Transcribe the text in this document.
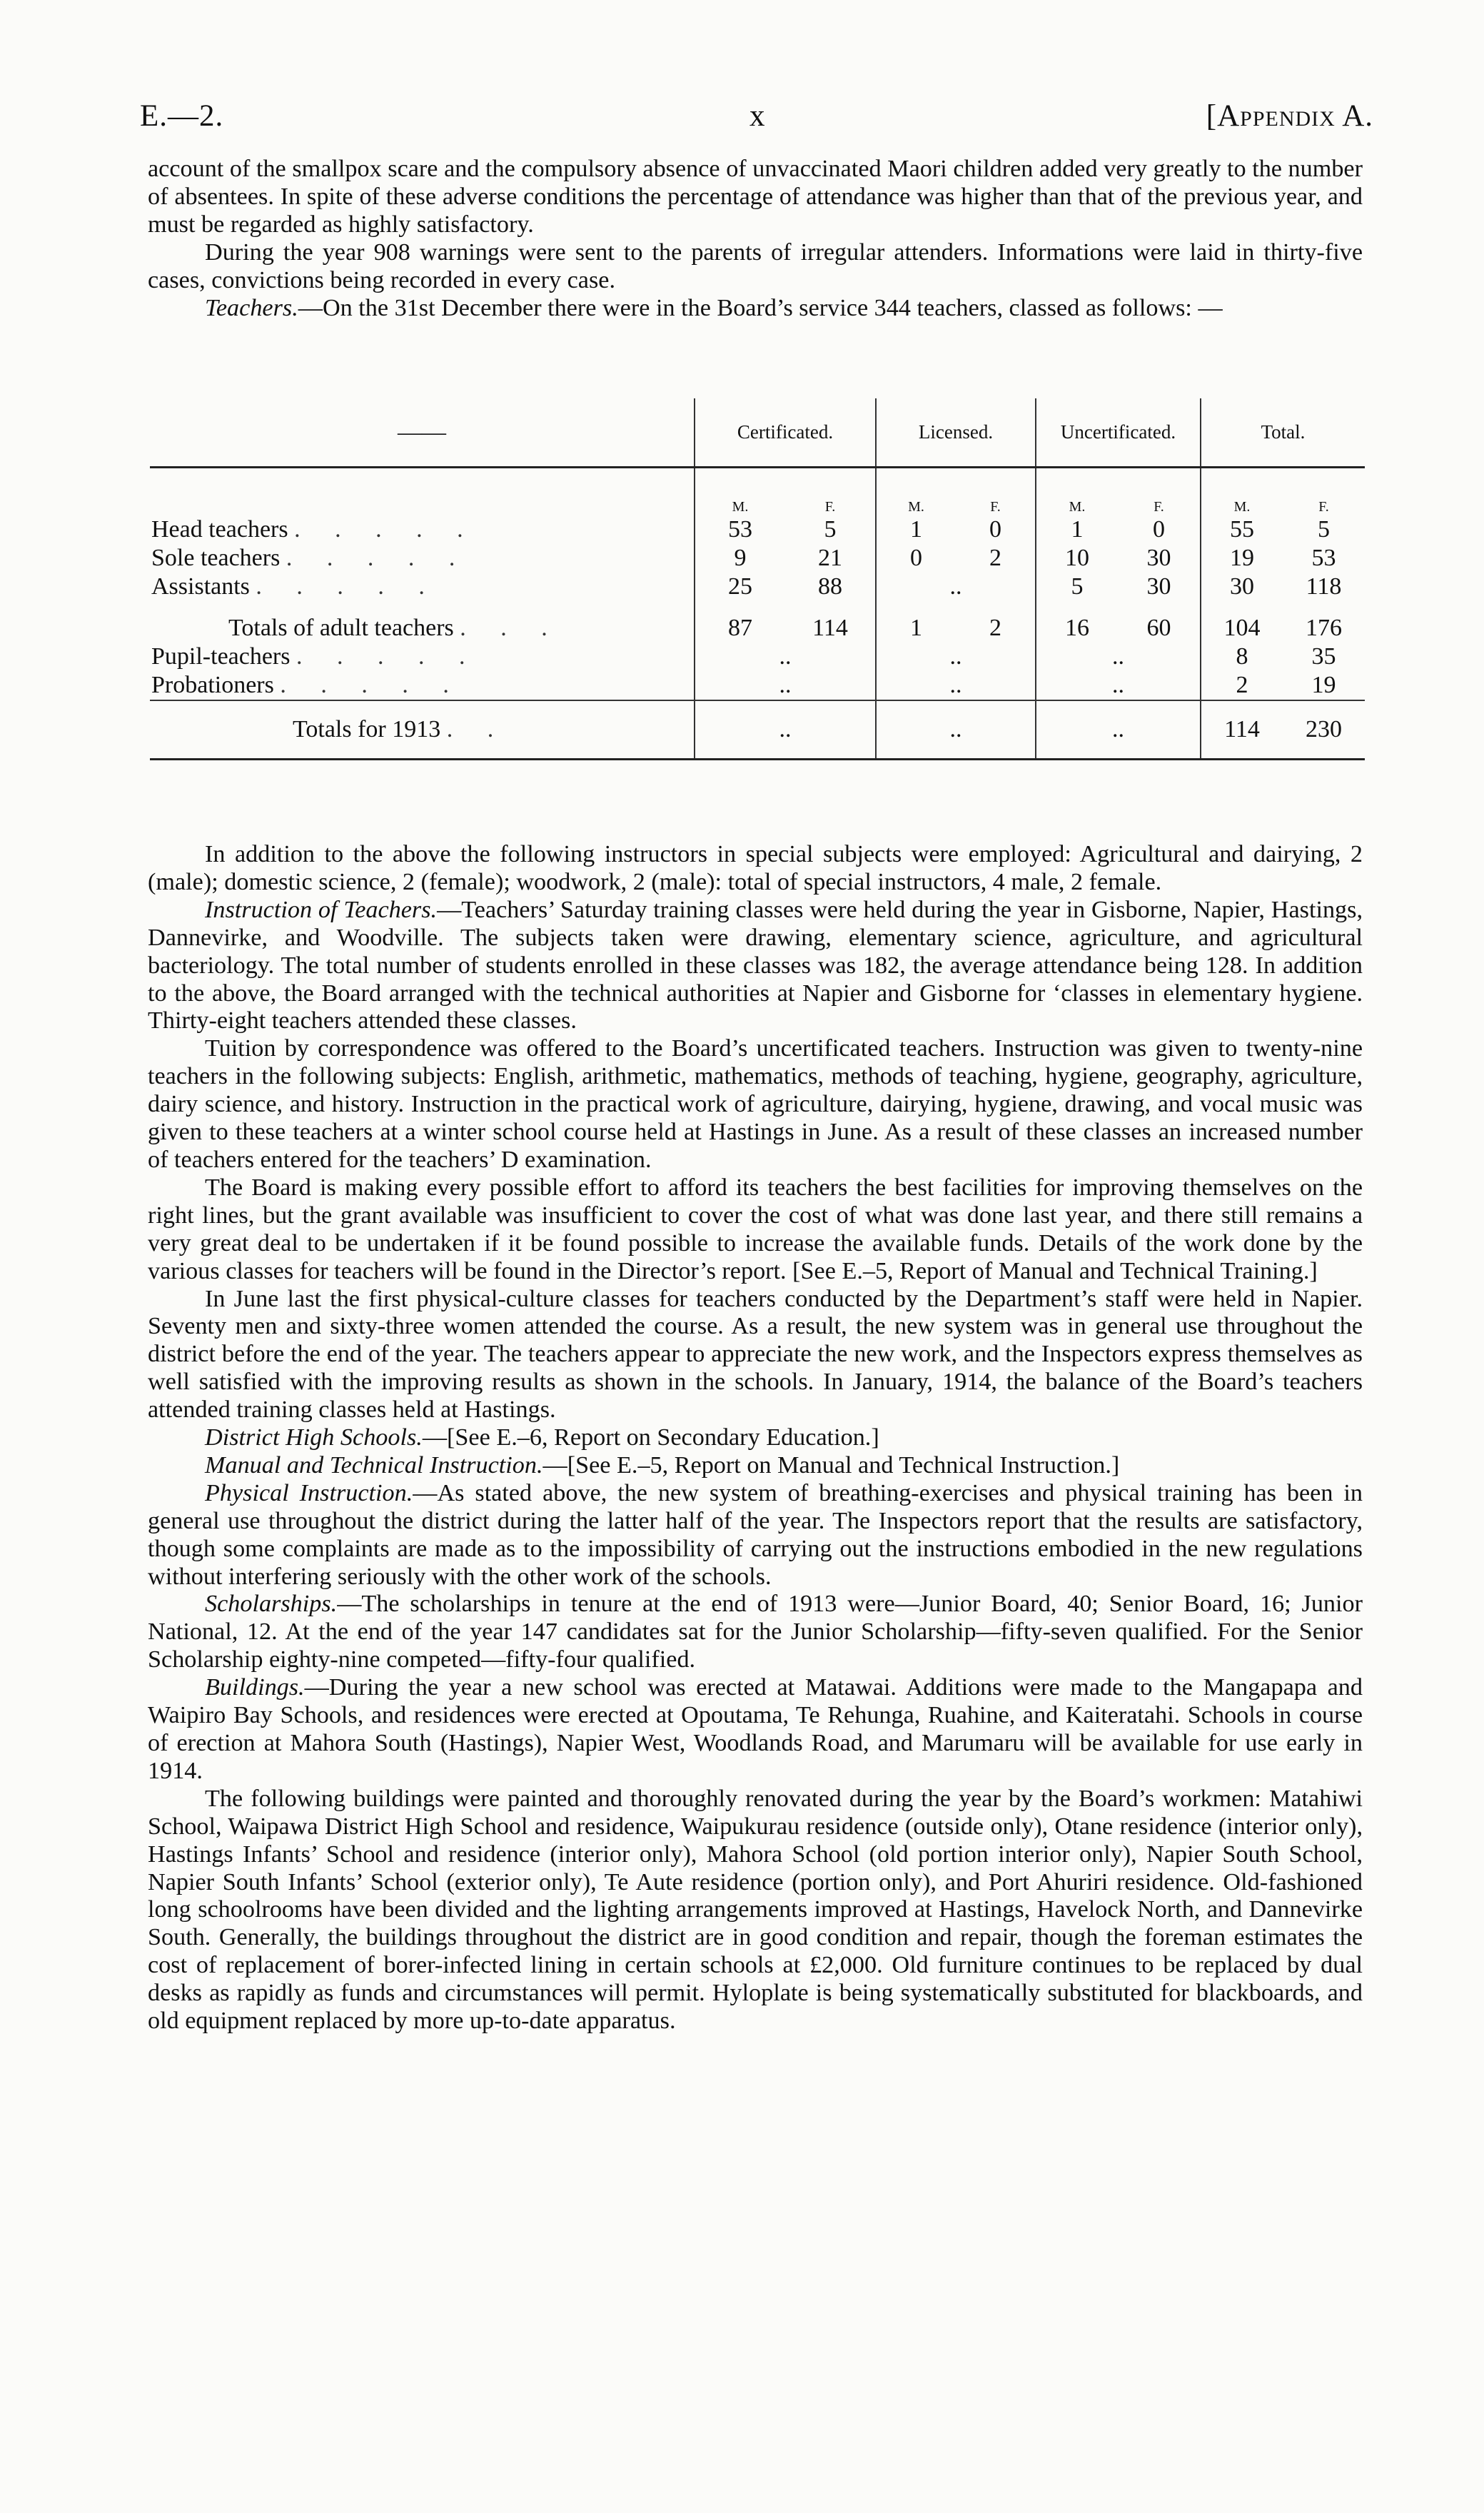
E.—2.	x	[Appendix A.

account of the smallpox scare and the compulsory absence of unvaccinated Maori children added very greatly to the number of absentees. In spite of these adverse conditions the percentage of attendance was higher than that of the previous year, and must be regarded as highly satisfactory.

During the year 908 warnings were sent to the parents of irregular attenders. Informations were laid in thirty-five cases, convictions being recorded in every case.

Teachers.—On the 31st December there were in the Board’s service 344 teachers, classed as follows: —

——	Certificated.		Licensed.		Uncertificated.		Total.	
	M.	F.	M.	F.	M.	F.	M.	F.
Head teachers . . . . .	53	5	1	0	1	0	55	5
Sole teachers . . . . .	9	21	0	2	10	30	19	53
Assistants . . . . .	25	88	..		5	30	30	118

Totals of adult teachers . . .	87	114	1	2	16	60	104	176
Pupil-teachers . . . . .	..		..		..		8	35
Probationers . . . . .	..		..		..		2	19
Totals for 1913 . .	..		..		..		114	230

In addition to the above the following instructors in special subjects were employed: Agricultural and dairying, 2 (male); domestic science, 2 (female); woodwork, 2 (male): total of special instructors, 4 male, 2 female.

Instruction of Teachers.—Teachers’ Saturday training classes were held during the year in Gisborne, Napier, Hastings, Dannevirke, and Woodville. The subjects taken were drawing, elementary science, agriculture, and agricultural bacteriology. The total number of students enrolled in these classes was 182, the average attendance being 128. In addition to the above, the Board arranged with the technical authorities at Napier and Gisborne for ‘classes in elementary hygiene. Thirty-eight teachers attended these classes.

Tuition by correspondence was offered to the Board’s uncertificated teachers. Instruction was given to twenty-nine teachers in the following subjects: English, arithmetic, mathematics, methods of teaching, hygiene, geography, agriculture, dairy science, and history. Instruction in the practical work of agriculture, dairying, hygiene, drawing, and vocal music was given to these teachers at a winter school course held at Hastings in June. As a result of these classes an increased number of teachers entered for the teachers’ D examination.

The Board is making every possible effort to afford its teachers the best facilities for improving themselves on the right lines, but the grant available was insufficient to cover the cost of what was done last year, and there still remains a very great deal to be undertaken if it be found possible to increase the available funds. Details of the work done by the various classes for teachers will be found in the Director’s report. [See E.–5, Report of Manual and Technical Training.]

In June last the first physical-culture classes for teachers conducted by the Department’s staff were held in Napier. Seventy men and sixty-three women attended the course. As a result, the new system was in general use throughout the district before the end of the year. The teachers appear to appreciate the new work, and the Inspectors express themselves as well satisfied with the improving results as shown in the schools. In January, 1914, the balance of the Board’s teachers attended training classes held at Hastings.

District High Schools.—[See E.–6, Report on Secondary Education.]

Manual and Technical Instruction.—[See E.–5, Report on Manual and Technical Instruction.]

Physical Instruction.—As stated above, the new system of breathing-exercises and physical training has been in general use throughout the district during the latter half of the year. The Inspectors report that the results are satisfactory, though some complaints are made as to the impossibility of carrying out the instructions embodied in the new regulations without interfering seriously with the other work of the schools.

Scholarships.—The scholarships in tenure at the end of 1913 were—Junior Board, 40; Senior Board, 16; Junior National, 12. At the end of the year 147 candidates sat for the Junior Scholarship—fifty-seven qualified. For the Senior Scholarship eighty-nine competed—fifty-four qualified.

Buildings.—During the year a new school was erected at Matawai. Additions were made to the Mangapapa and Waipiro Bay Schools, and residences were erected at Opoutama, Te Rehunga, Ruahine, and Kaiteratahi. Schools in course of erection at Mahora South (Hastings), Napier West, Woodlands Road, and Marumaru will be available for use early in 1914.

The following buildings were painted and thoroughly renovated during the year by the Board’s workmen: Matahiwi School, Waipawa District High School and residence, Waipukurau residence (outside only), Otane residence (interior only), Hastings Infants’ School and residence (interior only), Mahora School (old portion interior only), Napier South School, Napier South Infants’ School (exterior only), Te Aute residence (portion only), and Port Ahuriri residence. Old-fashioned long schoolrooms have been divided and the lighting arrangements improved at Hastings, Havelock North, and Dannevirke South. Generally, the buildings throughout the district are in good condition and repair, though the foreman estimates the cost of replacement of borer-infected lining in certain schools at £2,000. Old furniture continues to be replaced by dual desks as rapidly as funds and circumstances will permit. Hyloplate is being systematically substituted for blackboards, and old equipment replaced by more up-to-date apparatus.
